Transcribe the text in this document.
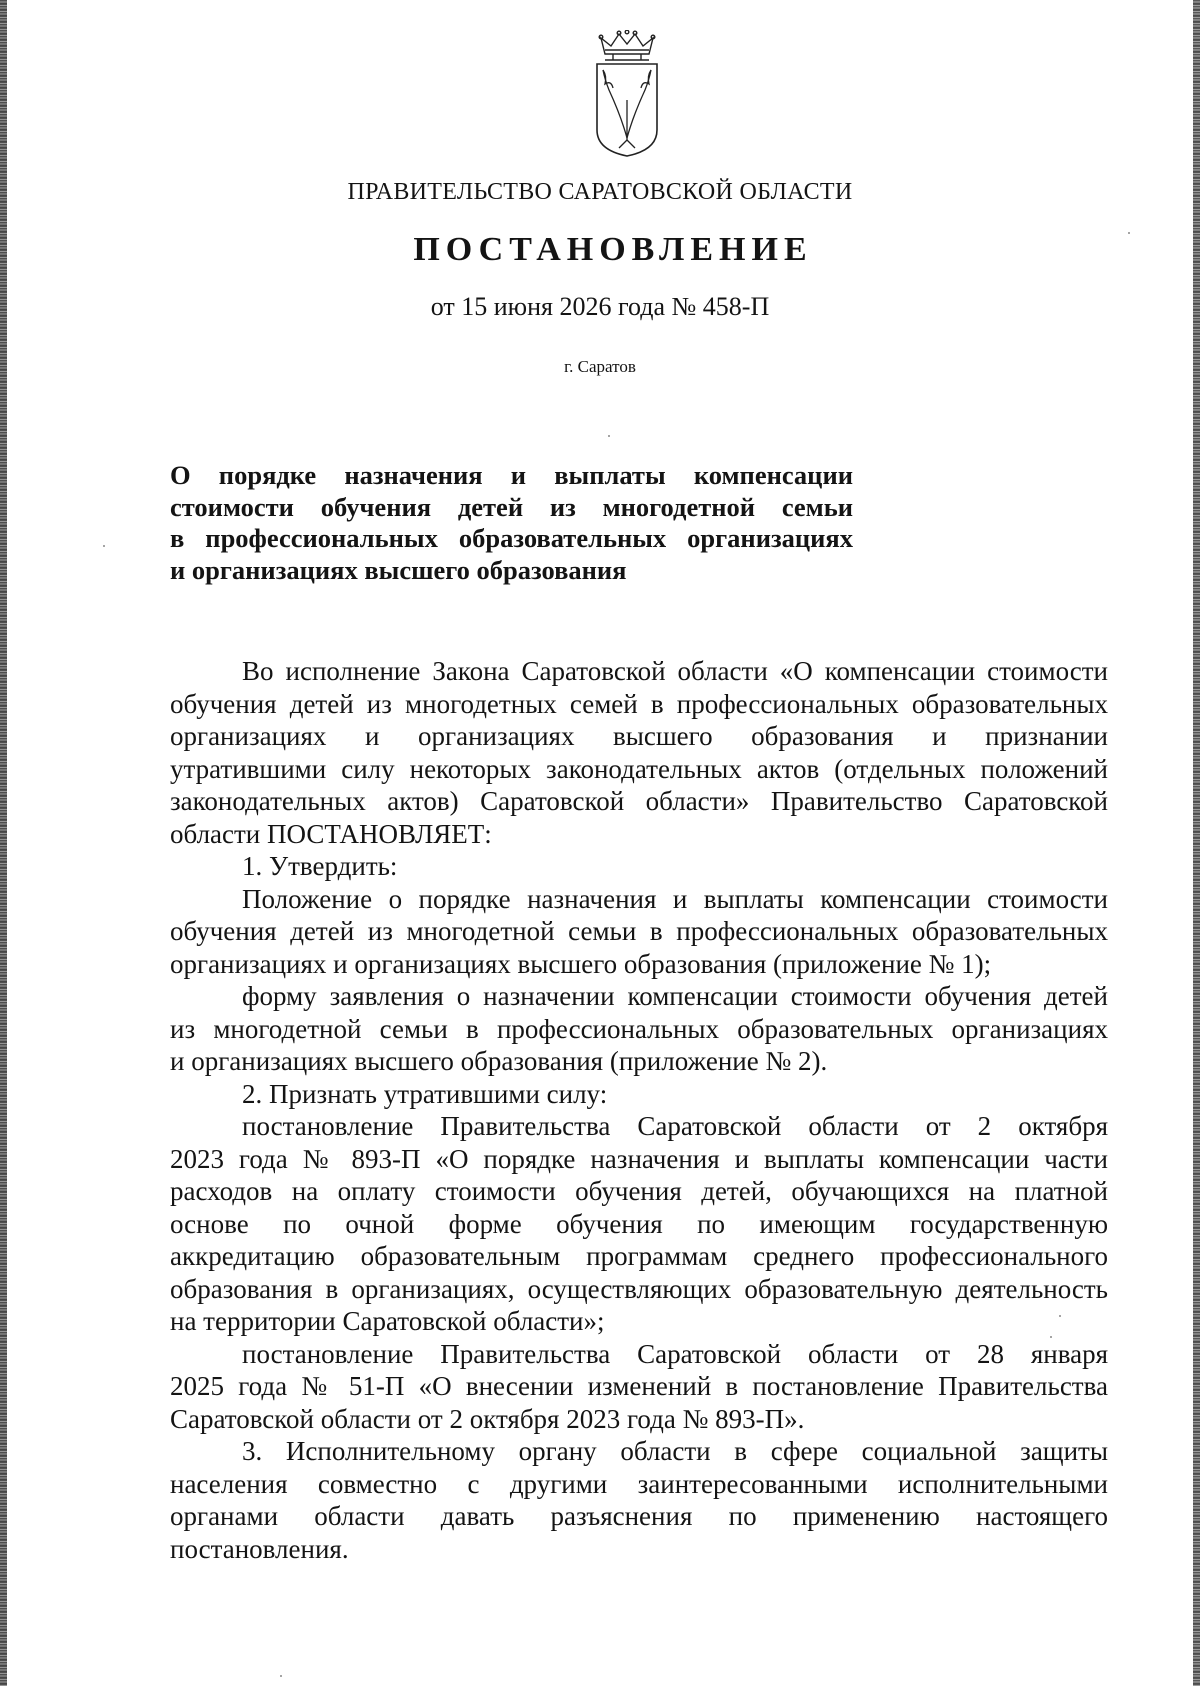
ПРАВИТЕЛЬСТВО САРАТОВСКОЙ ОБЛАСТИ
ПОСТАНОВЛЕНИЕ
от 15 июня 2026 года № 458-П
г. Саратов
О порядке назначения и выплаты компенсации
стоимости обучения детей из многодетной семьи
в профессиональных образовательных организациях
и организациях высшего образования
Во исполнение Закона Саратовской области «О компенсации стоимости
обучения детей из многодетных семей в профессиональных образовательных
организациях и организациях высшего образования и признании
утратившими силу некоторых законодательных актов (отдельных положений
законодательных актов) Саратовской области» Правительство Саратовской
области ПОСТАНОВЛЯЕТ:
1. Утвердить:
Положение о порядке назначения и выплаты компенсации стоимости
обучения детей из многодетной семьи в профессиональных образовательных
организациях и организациях высшего образования (приложение № 1);
форму заявления о назначении компенсации стоимости обучения детей
из многодетной семьи в профессиональных образовательных организациях
и организациях высшего образования (приложение № 2).
2. Признать утратившими силу:
постановление Правительства Саратовской области от 2 октября
2023 года № 893-П «О порядке назначения и выплаты компенсации части
расходов на оплату стоимости обучения детей, обучающихся на платной
основе по очной форме обучения по имеющим государственную
аккредитацию образовательным программам среднего профессионального
образования в организациях, осуществляющих образовательную деятельность
на территории Саратовской области»;
постановление Правительства Саратовской области от 28 января
2025 года № 51-П «О внесении изменений в постановление Правительства
Саратовской области от 2 октября 2023 года № 893-П».
3. Исполнительному органу области в сфере социальной защиты
населения совместно с другими заинтересованными исполнительными
органами области давать разъяснения по применению настоящего
постановления.
